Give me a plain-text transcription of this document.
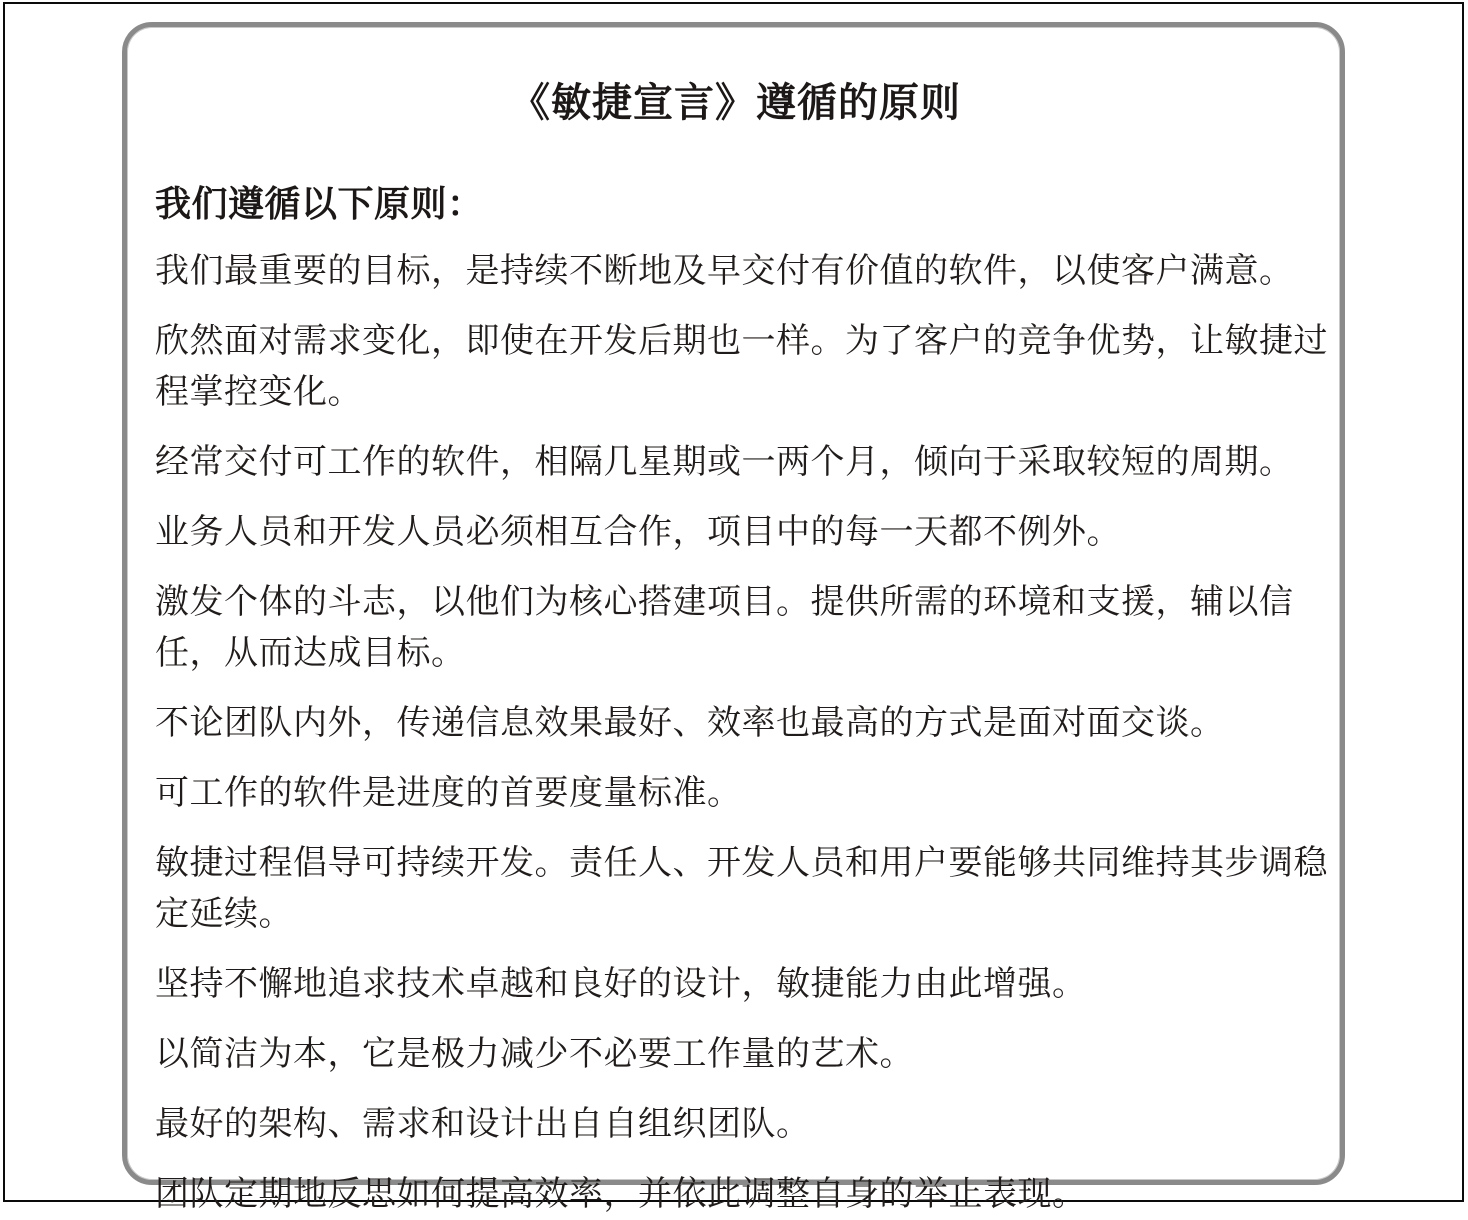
《敏捷宣言》遵循的原则

我们遵循以下原则：

我们最重要的目标，是持续不断地及早交付有价值的软件，以使客户满意。

欣然面对需求变化，即使在开发后期也一样。为了客户的竞争优势，让敏捷过程掌控变化。

经常交付可工作的软件，相隔几星期或一两个月，倾向于采取较短的周期。

业务人员和开发人员必须相互合作，项目中的每一天都不例外。

激发个体的斗志，以他们为核心搭建项目。提供所需的环境和支援，辅以信任，从而达成目标。

不论团队内外，传递信息效果最好、效率也最高的方式是面对面交谈。

可工作的软件是进度的首要度量标准。

敏捷过程倡导可持续开发。责任人、开发人员和用户要能够共同维持其步调稳定延续。

坚持不懈地追求技术卓越和良好的设计，敏捷能力由此增强。

以简洁为本，它是极力减少不必要工作量的艺术。

最好的架构、需求和设计出自自组织团队。

团队定期地反思如何提高效率，并依此调整自身的举止表现。
